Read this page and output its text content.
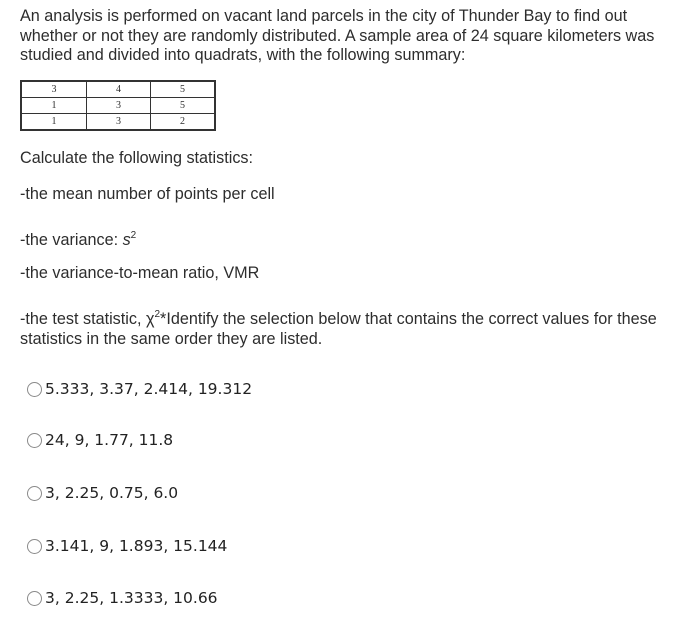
An analysis is performed on vacant land parcels in the city of Thunder Bay to find out whether or not they are randomly distributed. A sample area of 24 square kilometers was studied and divided into quadrats, with the following summary:

3	4	5
1	3	5
1	3	2

Calculate the following statistics:

-the mean number of points per cell

-the variance: $s^2$

-the variance-to-mean ratio, VMR

-the test statistic, $\chi^2*Identify$ the selection below that contains the correct values for these statistics in the same order they are listed.

5.333, 3.37, 2.414, 19.312
24, 9, 1.77, 11.8
3, 2.25, 0.75, 6.0
3.141, 9, 1.893, 15.144
3, 2.25, 1.3333, 10.66
